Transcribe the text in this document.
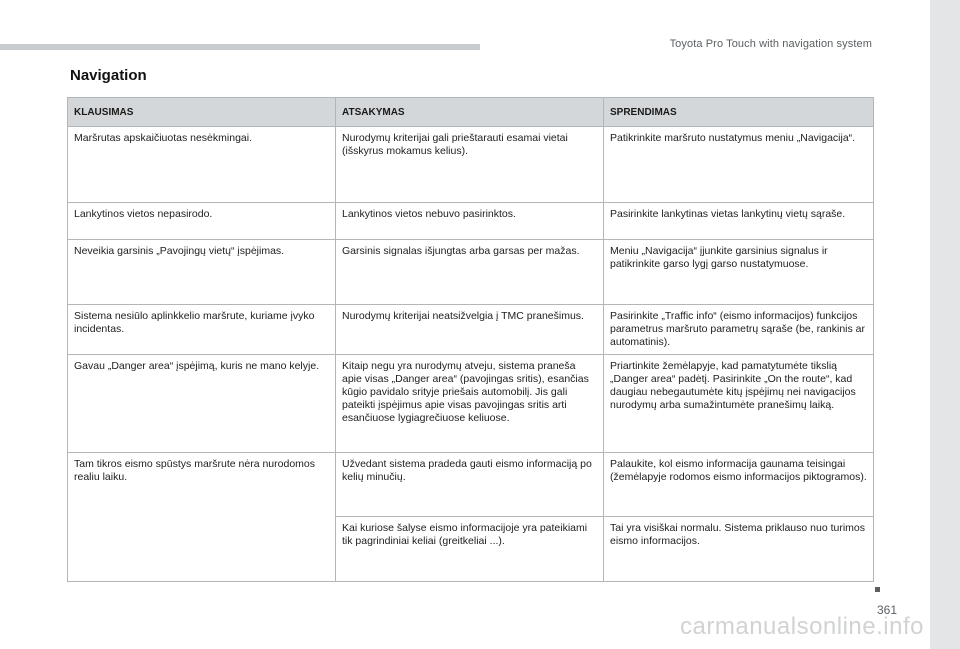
Toyota Pro Touch with navigation system
Navigation
KLAUSIMAS	ATSAKYMAS	SPRENDIMAS
Maršrutas apskaičiuotas nesėkmingai.	Nurodymų kriterijai gali prieštarauti esamai vietai (išskyrus mokamus kelius).	Patikrinkite maršruto nustatymus meniu „Navigacija“.
Lankytinos vietos nepasirodo.	Lankytinos vietos nebuvo pasirinktos.	Pasirinkite lankytinas vietas lankytinų vietų sąraše.
Neveikia garsinis „Pavojingų vietų“ įspėjimas.	Garsinis signalas išjungtas arba garsas per mažas.	Meniu „Navigacija“ įjunkite garsinius signalus ir patikrinkite garso lygį garso nustatymuose.
Sistema nesiūlo aplinkkelio maršrute, kuriame įvyko incidentas.	Nurodymų kriterijai neatsižvelgia į TMC pranešimus.	Pasirinkite „Traffic info“ (eismo informacijos) funkcijos parametrus maršruto parametrų sąraše (be, rankinis ar automatinis).
Gavau „Danger area“ įspėjimą, kuris ne mano kelyje.	Kitaip negu yra nurodymų atveju, sistema praneša apie visas „Danger area“ (pavojingas sritis), esančias kūgio pavidalo srityje priešais automobilį. Jis gali pateikti įspėjimus apie visas pavojingas sritis arti esančiuose lygiagrečiuose keliuose.	Priartinkite žemėlapyje, kad pamatytumėte tikslią „Danger area“ padėtį. Pasirinkite „On the route“, kad daugiau nebegautumėte kitų įspėjimų nei navigacijos nurodymų arba sumažintumėte pranešimų laiką.
Tam tikros eismo spūstys maršrute nėra nurodomos realiu laiku.	Užvedant sistema pradeda gauti eismo informaciją po kelių minučių.	Palaukite, kol eismo informacija gaunama teisingai (žemėlapyje rodomos eismo informacijos piktogramos).
	Kai kuriose šalyse eismo informacijoje yra pateikiami tik pagrindiniai keliai (greitkeliai ...).	Tai yra visiškai normalu. Sistema priklauso nuo turimos eismo informacijos.
361
carmanualsonline.info
